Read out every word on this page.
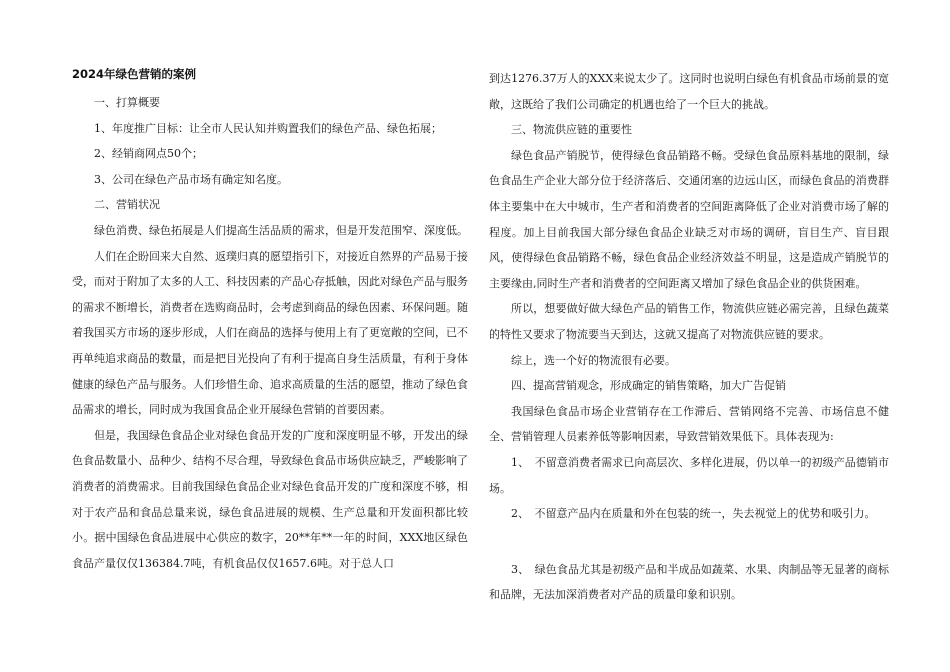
2024年绿色营销的案例

一、打算概要

1、年度推广目标：让全市人民认知并购置我们的绿色产品、绿色拓展；

2、经销商网点50个；

3、公司在绿色产品市场有确定知名度。

二、营销状况

绿色消费、绿色拓展是人们提高生活品质的需求，但是开发范围窄、深度低。

人们在企盼回来大自然、返璞归真的愿望指引下，对接近自然界的产品易于接受，而对于附加了太多的人工、科技因素的产品心存抵触，因此对绿色产品与服务的需求不断增长，消费者在选购商品时，会考虑到商品的绿色因素、环保问题。随着我国买方市场的逐步形成，人们在商品的选择与使用上有了更宽敞的空间，已不再单纯追求商品的数量，而是把目光投向了有利于提高自身生活质量，有利于身体健康的绿色产品与服务。人们珍惜生命、追求高质量的生活的愿望，推动了绿色食品需求的增长，同时成为我国食品企业开展绿色营销的首要因素。

但是，我国绿色食品企业对绿色食品开发的广度和深度明显不够，开发出的绿色食品数量小、品种少、结构不尽合理，导致绿色食品市场供应缺乏，严峻影响了消费者的消费需求。目前我国绿色食品企业对绿色食品开发的广度和深度不够，相对于农产品和食品总量来说，绿色食品进展的规模、生产总量和开发面积都比较小。据中国绿色食品进展中心供应的数字，20**年**一年的时间，XXX地区绿色食品产量仅仅136384.7吨，有机食品仅仅1657.6吨。对于总人口

到达1276.37万人的XXX来说太少了。这同时也说明白绿色有机食品市场前景的宽敞，这既给了我们公司确定的机遇也给了一个巨大的挑战。

三、物流供应链的重要性

绿色食品产销脱节，使得绿色食品销路不畅。受绿色食品原料基地的限制，绿色食品生产企业大部分位于经济落后、交通闭塞的边远山区，而绿色食品的消费群体主要集中在大中城市，生产者和消费者的空间距离降低了企业对消费市场了解的程度。加上目前我国大部分绿色食品企业缺乏对市场的调研，盲目生产、盲目跟风，使得绿色食品销路不畅，绿色食品企业经济效益不明显，这是造成产销脱节的主要缘由,同时生产者和消费者的空间距离又增加了绿色食品企业的供货困难。

所以，想要做好做大绿色产品的销售工作，物流供应链必需完善，且绿色蔬菜的特性又要求了物流要当天到达，这就又提高了对物流供应链的要求。

综上，选一个好的物流很有必要。

四、提高营销观念，形成确定的销售策略，加大广告促销

我国绿色食品市场企业营销存在工作滞后、营销网络不完善、市场信息不健全、营销管理人员素养低等影响因素，导致营销效果低下。具体表现为:

1、　不留意消费者需求已向高层次、多样化进展，仍以单一的初级产品德销市场。

2、　不留意产品内在质量和外在包装的统一，失去视觉上的优势和吸引力。

3、　绿色食品尤其是初级产品和半成品如蔬菜、水果、肉制品等无显著的商标和品牌，无法加深消费者对产品的质量印象和识别。
